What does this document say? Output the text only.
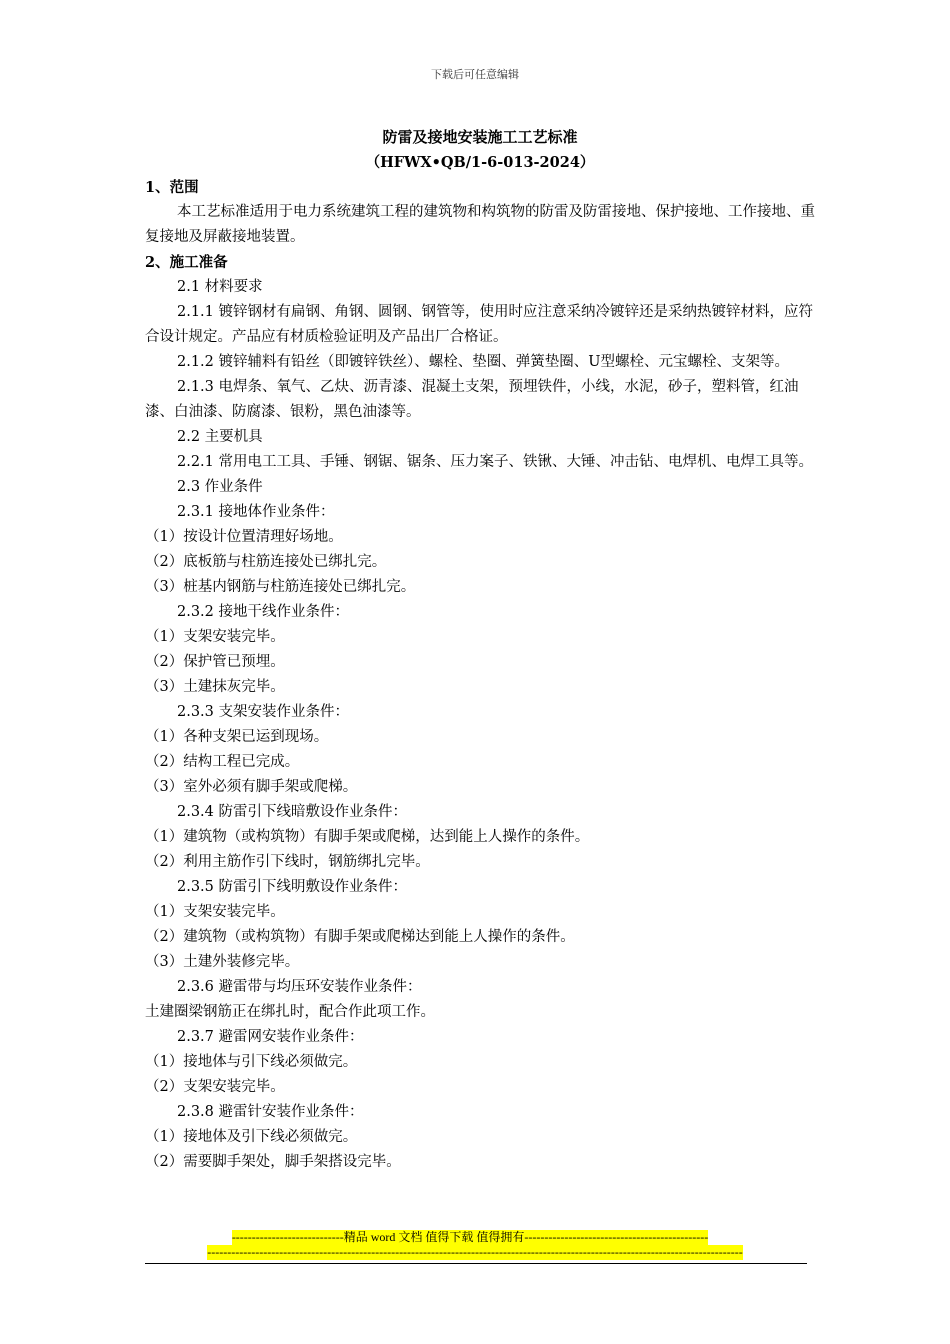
下载后可任意编辑
防雷及接地安装施工工艺标准
（HFWX•QB/1-6-013-2024）
1、范围
本工艺标准适用于电力系统建筑工程的建筑物和构筑物的防雷及防雷接地、保护接地、工作接地、重复接地及屏蔽接地装置。
2、施工准备
2.1 材料要求
2.1.1 镀锌钢材有扁钢、角钢、圆钢、钢管等，使用时应注意采纳冷镀锌还是采纳热镀锌材料，应符合设计规定。产品应有材质检验证明及产品出厂合格证。
2.1.2 镀锌辅料有铅丝（即镀锌铁丝）、螺栓、垫圈、弹簧垫圈、U型螺栓、元宝螺栓、支架等。
2.1.3 电焊条、氧气、乙炔、沥青漆、混凝土支架，预埋铁件，小线，水泥，砂子，塑料管，红油漆、白油漆、防腐漆、银粉，黑色油漆等。
2.2 主要机具
2.2.1 常用电工工具、手锤、钢锯、锯条、压力案子、铁锹、大锤、冲击钻、电焊机、电焊工具等。
2.3 作业条件
2.3.1 接地体作业条件：
（1）按设计位置清理好场地。
（2）底板筋与柱筋连接处已绑扎完。
（3）桩基内钢筋与柱筋连接处已绑扎完。
2.3.2 接地干线作业条件：
（1）支架安装完毕。
（2）保护管已预埋。
（3）土建抹灰完毕。
2.3.3 支架安装作业条件：
（1）各种支架已运到现场。
（2）结构工程已完成。
（3）室外必须有脚手架或爬梯。
2.3.4 防雷引下线暗敷设作业条件：
（1）建筑物（或构筑物）有脚手架或爬梯，达到能上人操作的条件。
（2）利用主筋作引下线时，钢筋绑扎完毕。
2.3.5 防雷引下线明敷设作业条件：
（1）支架安装完毕。
（2）建筑物（或构筑物）有脚手架或爬梯达到能上人操作的条件。
（3）土建外装修完毕。
2.3.6 避雷带与均压环安装作业条件：
土建圈梁钢筋正在绑扎时，配合作此项工作。
2.3.7 避雷网安装作业条件：
（1）接地体与引下线必须做完。
（2）支架安装完毕。
2.3.8 避雷针安装作业条件：
（1）接地体及引下线必须做完。
（2）需要脚手架处，脚手架搭设完毕。
----------------------------精品 word 文档 值得下载 值得拥有----------------------------------------------
--------------------------------------------------------------------------------------------------------------------------------------
